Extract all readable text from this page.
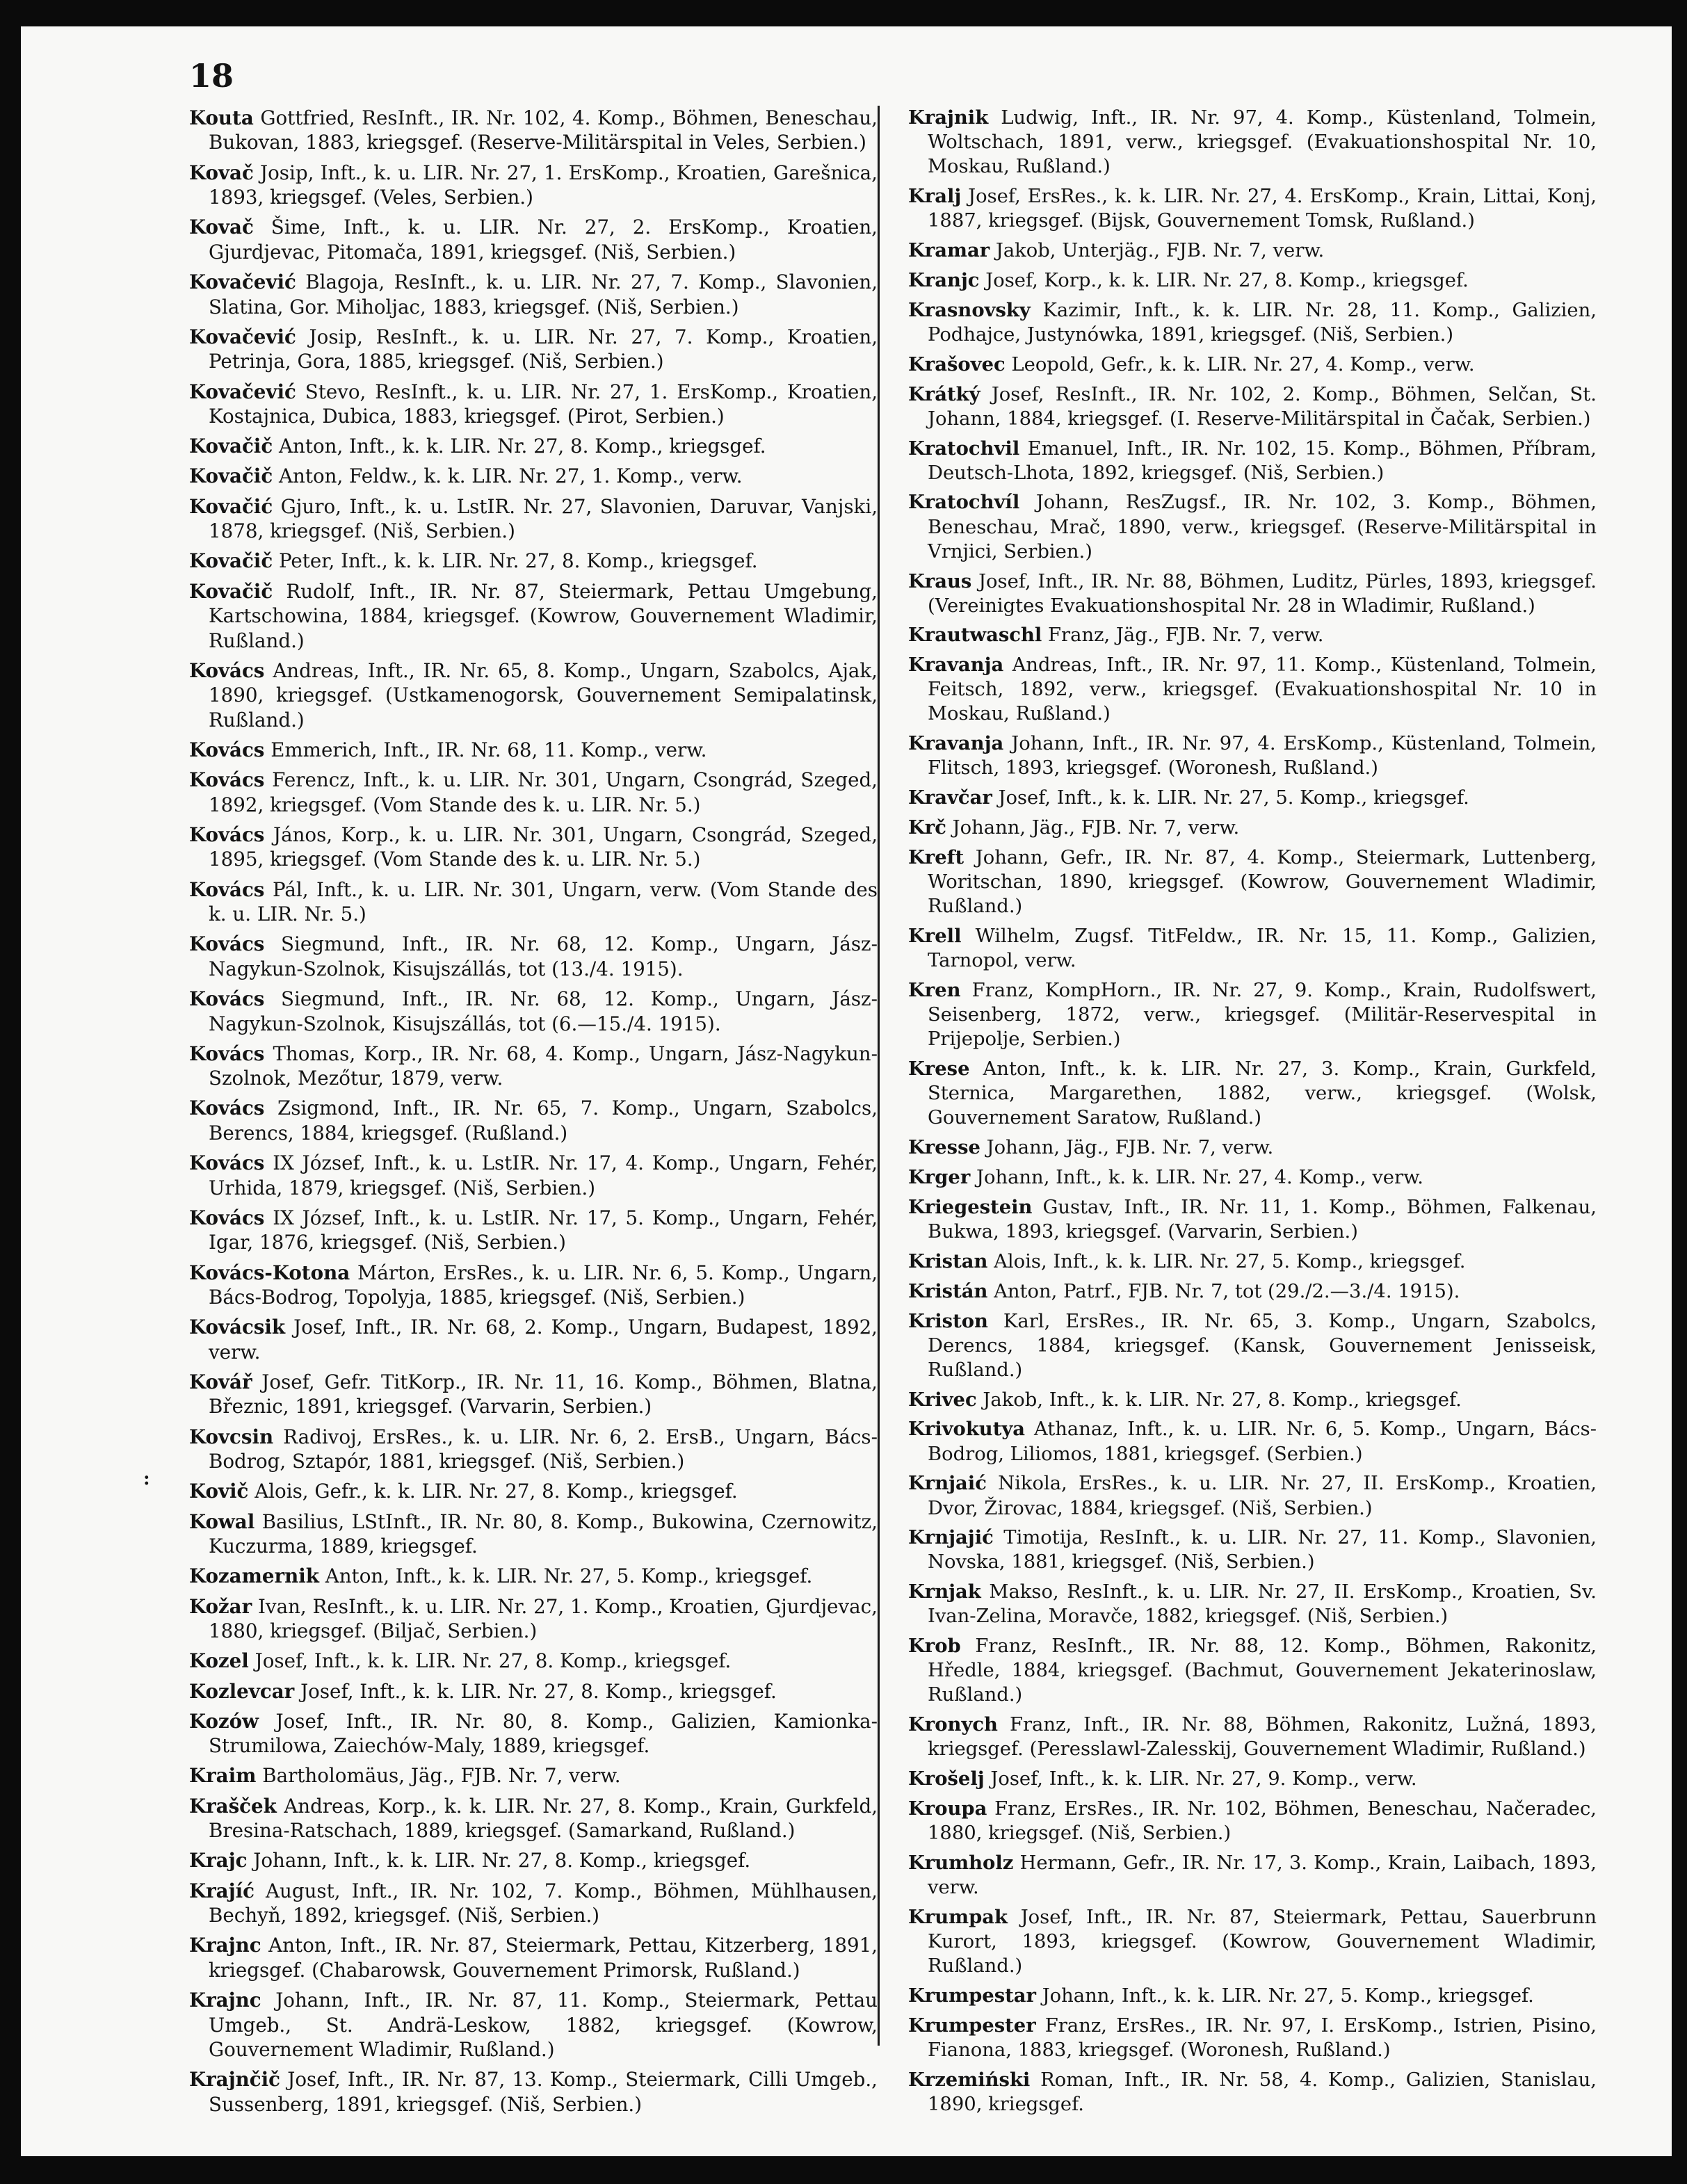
18
:

Kouta Gottfried, ResInft., IR. Nr. 102, 4. Komp., Böhmen, Beneschau, Bukovan, 1883, kriegsgef. (Reserve-Militärspital in Veles, Serbien.)

Kovač Josip, Inft., k. u. LIR. Nr. 27, 1. ErsKomp., Kroatien, Garešnica, 1893, kriegsgef. (Veles, Serbien.)

Kovač Šime, Inft., k. u. LIR. Nr. 27, 2. ErsKomp., Kroatien, Gjurdjevac, Pitomača, 1891, kriegsgef. (Niš, Serbien.)

Kovačević Blagoja, ResInft., k. u. LIR. Nr. 27, 7. Komp., Slavonien, Slatina, Gor. Miholjac, 1883, kriegsgef. (Niš, Serbien.)

Kovačević Josip, ResInft., k. u. LIR. Nr. 27, 7. Komp., Kroatien, Petrinja, Gora, 1885, kriegsgef. (Niš, Serbien.)

Kovačević Stevo, ResInft., k. u. LIR. Nr. 27, 1. ErsKomp., Kroatien, Kostajnica, Dubica, 1883, kriegsgef. (Pirot, Serbien.)

Kovačič Anton, Inft., k. k. LIR. Nr. 27, 8. Komp., kriegsgef.

Kovačič Anton, Feldw., k. k. LIR. Nr. 27, 1. Komp., verw.

Kovačić Gjuro, Inft., k. u. LstIR. Nr. 27, Slavonien, Daruvar, Vanjski, 1878, kriegsgef. (Niš, Serbien.)

Kovačič Peter, Inft., k. k. LIR. Nr. 27, 8. Komp., kriegsgef.

Kovačič Rudolf, Inft., IR. Nr. 87, Steiermark, Pettau Umgebung, Kartschowina, 1884, kriegsgef. (Kowrow, Gouvernement Wladimir, Rußland.)

Kovács Andreas, Inft., IR. Nr. 65, 8. Komp., Ungarn, Szabolcs, Ajak, 1890, kriegsgef. (Ustkamenogorsk, Gouvernement Semipalatinsk, Rußland.)

Kovács Emmerich, Inft., IR. Nr. 68, 11. Komp., verw.

Kovács Ferencz, Inft., k. u. LIR. Nr. 301, Ungarn, Csongrád, Szeged, 1892, kriegsgef. (Vom Stande des k. u. LIR. Nr. 5.)

Kovács János, Korp., k. u. LIR. Nr. 301, Ungarn, Csongrád, Szeged, 1895, kriegsgef. (Vom Stande des k. u. LIR. Nr. 5.)

Kovács Pál, Inft., k. u. LIR. Nr. 301, Ungarn, verw. (Vom Stande des k. u. LIR. Nr. 5.)

Kovács Siegmund, Inft., IR. Nr. 68, 12. Komp., Ungarn, Jász-Nagykun-Szolnok, Kisujszállás, tot (13./4. 1915).

Kovács Siegmund, Inft., IR. Nr. 68, 12. Komp., Ungarn, Jász-Nagykun-Szolnok, Kisujszállás, tot (6.—15./4. 1915).

Kovács Thomas, Korp., IR. Nr. 68, 4. Komp., Ungarn, Jász-Nagykun-Szolnok, Mezőtur, 1879, verw.

Kovács Zsigmond, Inft., IR. Nr. 65, 7. Komp., Ungarn, Szabolcs, Berencs, 1884, kriegsgef. (Rußland.)

Kovács IX József, Inft., k. u. LstIR. Nr. 17, 4. Komp., Ungarn, Fehér, Urhida, 1879, kriegsgef. (Niš, Serbien.)

Kovács IX József, Inft., k. u. LstIR. Nr. 17, 5. Komp., Ungarn, Fehér, Igar, 1876, kriegsgef. (Niš, Serbien.)

Kovács-Kotona Márton, ErsRes., k. u. LIR. Nr. 6, 5. Komp., Ungarn, Bács-Bodrog, Topolyja, 1885, kriegsgef. (Niš, Serbien.)

Kovácsik Josef, Inft., IR. Nr. 68, 2. Komp., Ungarn, Budapest, 1892, verw.

Kovář Josef, Gefr. TitKorp., IR. Nr. 11, 16. Komp., Böhmen, Blatna, Březnic, 1891, kriegsgef. (Varvarin, Serbien.)

Kovcsin Radivoj, ErsRes., k. u. LIR. Nr. 6, 2. ErsB., Ungarn, Bács-Bodrog, Sztapór, 1881, kriegsgef. (Niš, Serbien.)

Kovič Alois, Gefr., k. k. LIR. Nr. 27, 8. Komp., kriegsgef.

Kowal Basilius, LStInft., IR. Nr. 80, 8. Komp., Bukowina, Czernowitz, Kuczurma, 1889, kriegsgef.

Kozamernik Anton, Inft., k. k. LIR. Nr. 27, 5. Komp., kriegsgef.

Kožar Ivan, ResInft., k. u. LIR. Nr. 27, 1. Komp., Kroatien, Gjurdjevac, 1880, kriegsgef. (Biljač, Serbien.)

Kozel Josef, Inft., k. k. LIR. Nr. 27, 8. Komp., kriegsgef.

Kozlevcar Josef, Inft., k. k. LIR. Nr. 27, 8. Komp., kriegsgef.

Kozów Josef, Inft., IR. Nr. 80, 8. Komp., Galizien, Kamionka-Strumilowa, Zaiechów-Maly, 1889, kriegsgef.

Kraim Bartholomäus, Jäg., FJB. Nr. 7, verw.

Krašček Andreas, Korp., k. k. LIR. Nr. 27, 8. Komp., Krain, Gurkfeld, Bresina-Ratschach, 1889, kriegsgef. (Samarkand, Rußland.)

Krajc Johann, Inft., k. k. LIR. Nr. 27, 8. Komp., kriegsgef.

Krajíć August, Inft., IR. Nr. 102, 7. Komp., Böhmen, Mühlhausen, Bechyň, 1892, kriegsgef. (Niš, Serbien.)

Krajnc Anton, Inft., IR. Nr. 87, Steiermark, Pettau, Kitzerberg, 1891, kriegsgef. (Chabarowsk, Gouvernement Primorsk, Rußland.)

Krajnc Johann, Inft., IR. Nr. 87, 11. Komp., Steiermark, Pettau Umgeb., St. Andrä-Leskow, 1882, kriegsgef. (Kowrow, Gouvernement Wladimir, Rußland.)

Krajnčič Josef, Inft., IR. Nr. 87, 13. Komp., Steiermark, Cilli Umgeb., Sussenberg, 1891, kriegsgef. (Niš, Serbien.)

Krajnik Ludwig, Inft., IR. Nr. 97, 4. Komp., Küstenland, Tolmein, Woltschach, 1891, verw., kriegsgef. (Evakuationshospital Nr. 10, Moskau, Rußland.)

Kralj Josef, ErsRes., k. k. LIR. Nr. 27, 4. ErsKomp., Krain, Littai, Konj, 1887, kriegsgef. (Bijsk, Gouvernement Tomsk, Rußland.)

Kramar Jakob, Unterjäg., FJB. Nr. 7, verw.

Kranjc Josef, Korp., k. k. LIR. Nr. 27, 8. Komp., kriegsgef.

Krasnovsky Kazimir, Inft., k. k. LIR. Nr. 28, 11. Komp., Galizien, Podhajce, Justynówka, 1891, kriegsgef. (Niš, Serbien.)

Krašovec Leopold, Gefr., k. k. LIR. Nr. 27, 4. Komp., verw.

Krátký Josef, ResInft., IR. Nr. 102, 2. Komp., Böhmen, Selčan, St. Johann, 1884, kriegsgef. (I. Reserve-Militärspital in Čačak, Serbien.)

Kratochvil Emanuel, Inft., IR. Nr. 102, 15. Komp., Böhmen, Příbram, Deutsch-Lhota, 1892, kriegsgef. (Niš, Serbien.)

Kratochvíl Johann, ResZugsf., IR. Nr. 102, 3. Komp., Böhmen, Beneschau, Mrač, 1890, verw., kriegsgef. (Reserve-Militärspital in Vrnjici, Serbien.)

Kraus Josef, Inft., IR. Nr. 88, Böhmen, Luditz, Pürles, 1893, kriegsgef. (Vereinigtes Evakuationshospital Nr. 28 in Wladimir, Rußland.)

Krautwaschl Franz, Jäg., FJB. Nr. 7, verw.

Kravanja Andreas, Inft., IR. Nr. 97, 11. Komp., Küstenland, Tolmein, Feitsch, 1892, verw., kriegsgef. (Evakuationshospital Nr. 10 in Moskau, Rußland.)

Kravanja Johann, Inft., IR. Nr. 97, 4. ErsKomp., Küstenland, Tolmein, Flitsch, 1893, kriegsgef. (Woronesh, Rußland.)

Kravčar Josef, Inft., k. k. LIR. Nr. 27, 5. Komp., kriegsgef.

Krč Johann, Jäg., FJB. Nr. 7, verw.

Kreft Johann, Gefr., IR. Nr. 87, 4. Komp., Steiermark, Luttenberg, Woritschan, 1890, kriegsgef. (Kowrow, Gouvernement Wladimir, Rußland.)

Krell Wilhelm, Zugsf. TitFeldw., IR. Nr. 15, 11. Komp., Galizien, Tarnopol, verw.

Kren Franz, KompHorn., IR. Nr. 27, 9. Komp., Krain, Rudolfswert, Seisenberg, 1872, verw., kriegsgef. (Militär-Reservespital in Prijepolje, Serbien.)

Krese Anton, Inft., k. k. LIR. Nr. 27, 3. Komp., Krain, Gurkfeld, Sternica, Margarethen, 1882, verw., kriegsgef. (Wolsk, Gouvernement Saratow, Rußland.)

Kresse Johann, Jäg., FJB. Nr. 7, verw.

Krger Johann, Inft., k. k. LIR. Nr. 27, 4. Komp., verw.

Kriegestein Gustav, Inft., IR. Nr. 11, 1. Komp., Böhmen, Falkenau, Bukwa, 1893, kriegsgef. (Varvarin, Serbien.)

Kristan Alois, Inft., k. k. LIR. Nr. 27, 5. Komp., kriegsgef.

Kristán Anton, Patrf., FJB. Nr. 7, tot (29./2.—3./4. 1915).

Kriston Karl, ErsRes., IR. Nr. 65, 3. Komp., Ungarn, Szabolcs, Derencs, 1884, kriegsgef. (Kansk, Gouvernement Jenisseisk, Rußland.)

Krivec Jakob, Inft., k. k. LIR. Nr. 27, 8. Komp., kriegsgef.

Krivokutya Athanaz, Inft., k. u. LIR. Nr. 6, 5. Komp., Ungarn, Bács-Bodrog, Liliomos, 1881, kriegsgef. (Serbien.)

Krnjaić Nikola, ErsRes., k. u. LIR. Nr. 27, II. ErsKomp., Kroatien, Dvor, Žirovac, 1884, kriegsgef. (Niš, Serbien.)

Krnjajić Timotija, ResInft., k. u. LIR. Nr. 27, 11. Komp., Slavonien, Novska, 1881, kriegsgef. (Niš, Serbien.)

Krnjak Makso, ResInft., k. u. LIR. Nr. 27, II. ErsKomp., Kroatien, Sv. Ivan-Zelina, Moravče, 1882, kriegsgef. (Niš, Serbien.)

Krob Franz, ResInft., IR. Nr. 88, 12. Komp., Böhmen, Rakonitz, Hředle, 1884, kriegsgef. (Bachmut, Gouvernement Jekaterinoslaw, Rußland.)

Kronych Franz, Inft., IR. Nr. 88, Böhmen, Rakonitz, Lužná, 1893, kriegsgef. (Peresslawl-Zalesskij, Gouvernement Wladimir, Rußland.)

Krošelj Josef, Inft., k. k. LIR. Nr. 27, 9. Komp., verw.

Kroupa Franz, ErsRes., IR. Nr. 102, Böhmen, Beneschau, Načeradec, 1880, kriegsgef. (Niš, Serbien.)

Krumholz Hermann, Gefr., IR. Nr. 17, 3. Komp., Krain, Laibach, 1893, verw.

Krumpak Josef, Inft., IR. Nr. 87, Steiermark, Pettau, Sauerbrunn Kurort, 1893, kriegsgef. (Kowrow, Gouvernement Wladimir, Rußland.)

Krumpestar Johann, Inft., k. k. LIR. Nr. 27, 5. Komp., kriegsgef.

Krumpester Franz, ErsRes., IR. Nr. 97, I. ErsKomp., Istrien, Pisino, Fianona, 1883, kriegsgef. (Woronesh, Rußland.)

Krzemiński Roman, Inft., IR. Nr. 58, 4. Komp., Galizien, Stanislau, 1890, kriegsgef.
